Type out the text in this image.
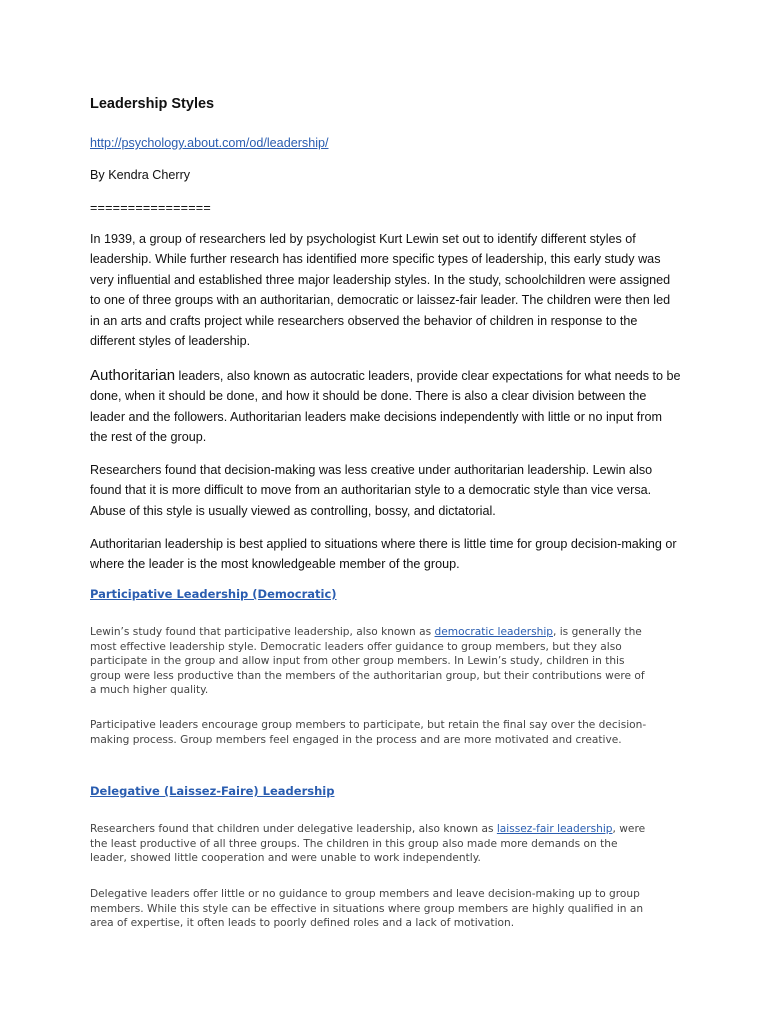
Leadership Styles
http://psychology.about.com/od/leadership/
By Kendra Cherry
================

In 1939, a group of researchers led by psychologist Kurt Lewin set out to identify different styles of leadership. While further research has identified more specific types of leadership, this early study was very influential and established three major leadership styles. In the study, schoolchildren were assigned to one of three groups with an authoritarian, democratic or laissez-fair leader. The children were then led in an arts and crafts project while researchers observed the behavior of children in response to the different styles of leadership.

Authoritarian leaders, also known as autocratic leaders, provide clear expectations for what needs to be done, when it should be done, and how it should be done. There is also a clear division between the leader and the followers. Authoritarian leaders make decisions independently with little or no input from the rest of the group.

Researchers found that decision-making was less creative under authoritarian leadership. Lewin also found that it is more difficult to move from an authoritarian style to a democratic style than vice versa. Abuse of this style is usually viewed as controlling, bossy, and dictatorial.

Authoritarian leadership is best applied to situations where there is little time for group decision-making or where the leader is the most knowledgeable member of the group.

Participative Leadership (Democratic)

Lewin’s study found that participative leadership, also known as democratic leadership, is generally the most effective leadership style. Democratic leaders offer guidance to group members, but they also participate in the group and allow input from other group members. In Lewin’s study, children in this group were less productive than the members of the authoritarian group, but their contributions were of a much higher quality.

Participative leaders encourage group members to participate, but retain the final say over the decision-making process. Group members feel engaged in the process and are more motivated and creative.

Delegative (Laissez-Faire) Leadership

Researchers found that children under delegative leadership, also known as laissez-fair leadership, were the least productive of all three groups. The children in this group also made more demands on the leader, showed little cooperation and were unable to work independently.

Delegative leaders offer little or no guidance to group members and leave decision-making up to group members. While this style can be effective in situations where group members are highly qualified in an area of expertise, it often leads to poorly defined roles and a lack of motivation.
